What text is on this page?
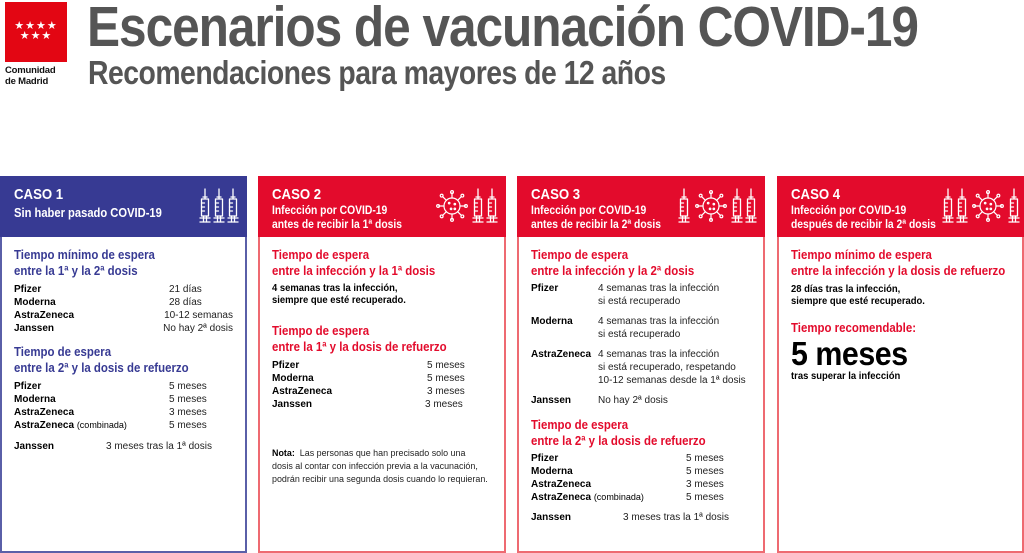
★★★★
★★★
Comunidad
de Madrid
Escenarios de vacunación COVID-19
Recomendaciones para mayores de 12 años
CASO 1
Sin haber pasado COVID-19
Tiempo mínimo de espera
entre la 1ª y la 2ª dosis
Pfizer	21 días
Moderna	28 días
AstraZeneca	10-12 semanas
Janssen	No hay 2ª dosis
Tiempo de espera
entre la 2ª y la dosis de refuerzo
Pfizer	5 meses
Moderna	5 meses
AstraZeneca	3 meses
AstraZeneca (combinada)	5 meses
Janssen	3 meses tras la 1ª dosis
CASO 2
Infección por COVID-19
antes de recibir la 1ª dosis
Tiempo de espera
entre la infección y la 1ª dosis
4 semanas tras la infección,
siempre que esté recuperado.
Tiempo de espera
entre la 1ª y la dosis de refuerzo
Pfizer	5 meses
Moderna	5 meses
AstraZeneca	3 meses
Janssen	3 meses
Nota: Las personas que han precisado solo una
dosis al contar con infección previa a la vacunación,
podrán recibir una segunda dosis cuando lo requieran.
CASO 3
Infección por COVID-19
antes de recibir la 2ª dosis
Tiempo de espera
entre la infección y la 2ª dosis
Pfizer	4 semanas tras la infección
si está recuperado
Moderna	4 semanas tras la infección
si está recuperado
AstraZeneca 4 semanas tras la infección
si está recuperado, respetando
10-12 semanas desde la 1ª dosis
Janssen	No hay 2ª dosis
Tiempo de espera
entre la 2ª y la dosis de refuerzo
Pfizer	5 meses
Moderna	5 meses
AstraZeneca	3 meses
AstraZeneca (combinada)	5 meses
Janssen	3 meses tras la 1ª dosis
CASO 4
Infección por COVID-19
después de recibir la 2ª dosis
Tiempo mínimo de espera
entre la infección y la dosis de refuerzo
28 días tras la infección,
siempre que esté recuperado.
Tiempo recomendable:
5 meses
tras superar la infección
